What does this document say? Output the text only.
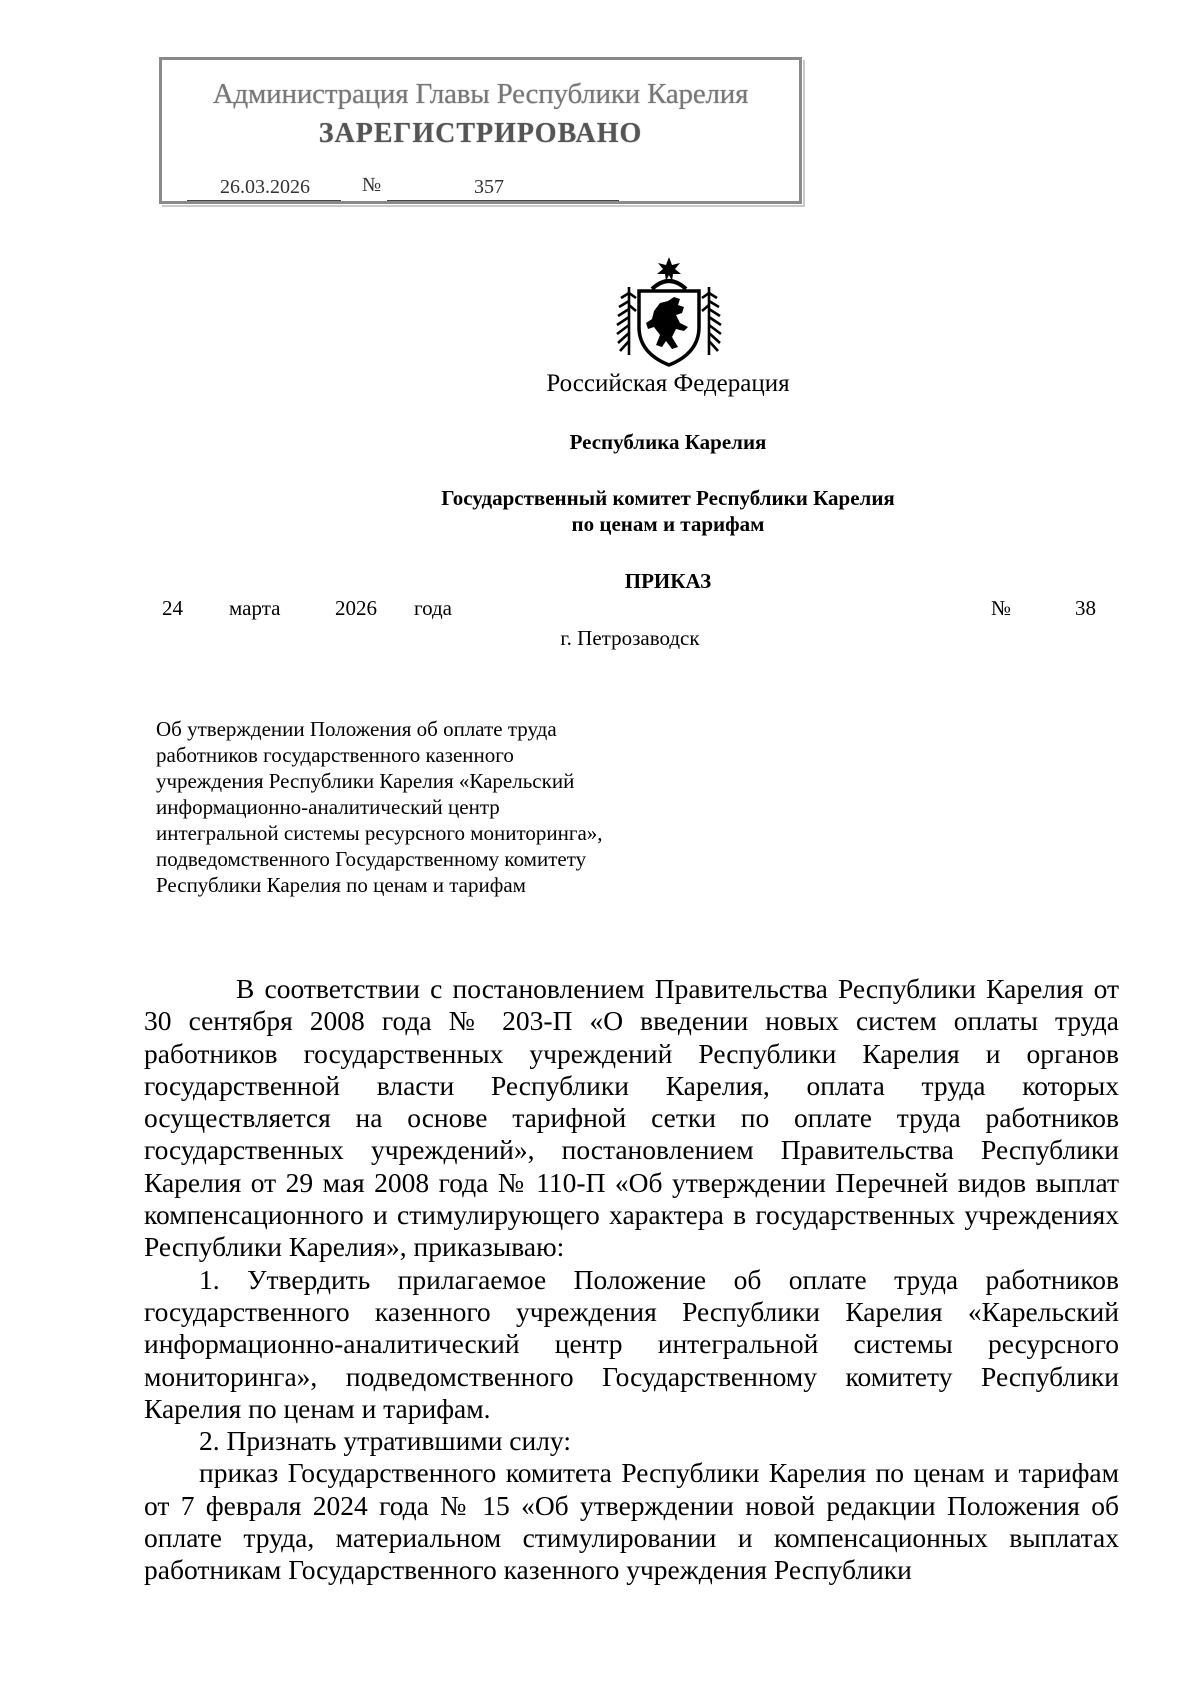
Администрация Главы Республики Карелия
ЗАРЕГИСТРИРОВАНО
26.03.2026	№	357
Российская Федерация
Республика Карелия
Государственный комитет Республики Карелия
по ценам и тарифам
ПРИКАЗ
24 марта	2026 года	№	38
г. Петрозаводск
Об утверждении Положения об оплате труда
работников государственного казенного
учреждения Республики Карелия «Карельский
информационно-аналитический центр
интегральной системы ресурсного мониторинга»,
подведомственного Государственному комитету
Республики Карелия по ценам и тарифам

В соответствии с постановлением Правительства Республики Карелия от 30 сентября 2008 года № 203-П «О введении новых систем оплаты труда работников государственных учреждений Республики Карелия и органов государственной власти Республики Карелия, оплата труда которых осуществляется на основе тарифной сетки по оплате труда работников государственных учреждений», постановлением Правительства Республики Карелия от 29 мая 2008 года № 110-П «Об утверждении Перечней видов выплат компенсационного и стимулирующего характера в государственных учреждениях Республики Карелия», приказываю:

1. Утвердить прилагаемое Положение об оплате труда работников государственного казенного учреждения Республики Карелия «Карельский информационно-аналитический центр интегральной системы ресурсного мониторинга», подведомственного Государственному комитету Республики Карелия по ценам и тарифам.

2. Признать утратившими силу:

приказ Государственного комитета Республики Карелия по ценам и тарифам от 7 февраля 2024 года № 15 «Об утверждении новой редакции Положения об оплате труда, материальном стимулировании и компенсационных выплатах работникам Государственного казенного учреждения Республики
